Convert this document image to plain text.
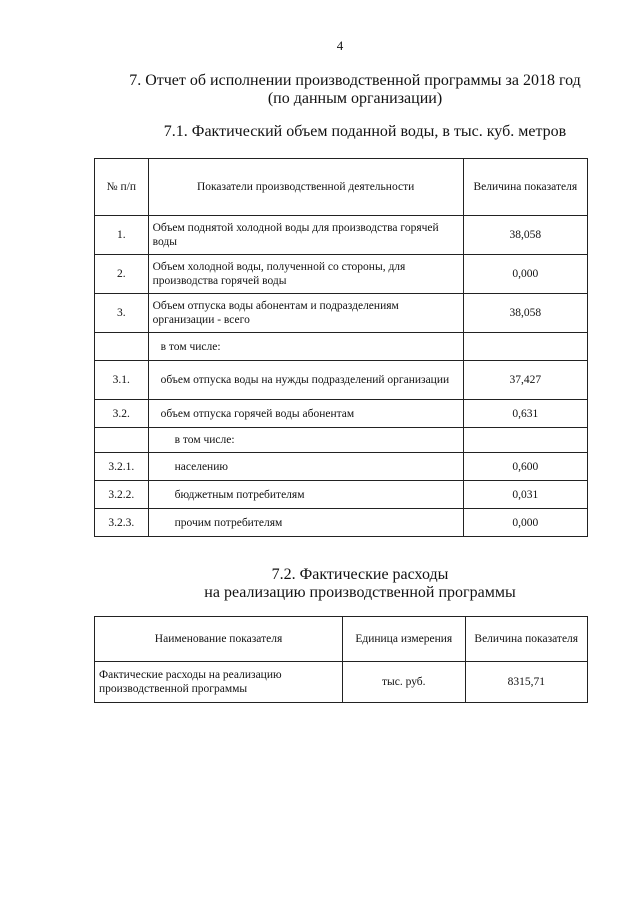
4
7. Отчет об исполнении производственной программы за 2018 год
(по данным организации)
7.1. Фактический объем поданной воды, в тыс. куб. метров
№ п/п	Показатели производственной деятельности	Величина показателя
1.	Объем поднятой холодной воды для производства горячей воды	38,058
2.	Объем холодной воды, полученной со стороны, для производства горячей воды	0,000
3.	Объем отпуска воды абонентам и подразделениям организации - всего	38,058
	в том числе:	
3.1.	объем отпуска воды на нужды подразделений организации	37,427
3.2.	объем отпуска горячей воды абонентам	0,631
	в том числе:	
3.2.1.	населению	0,600
3.2.2.	бюджетным потребителям	0,031
3.2.3.	прочим потребителям	0,000
7.2. Фактические расходы
на реализацию производственной программы
Наименование показателя	Единица измерения	Величина показателя
Фактические расходы на реализацию производственной программы	тыс. руб.	8315,71
